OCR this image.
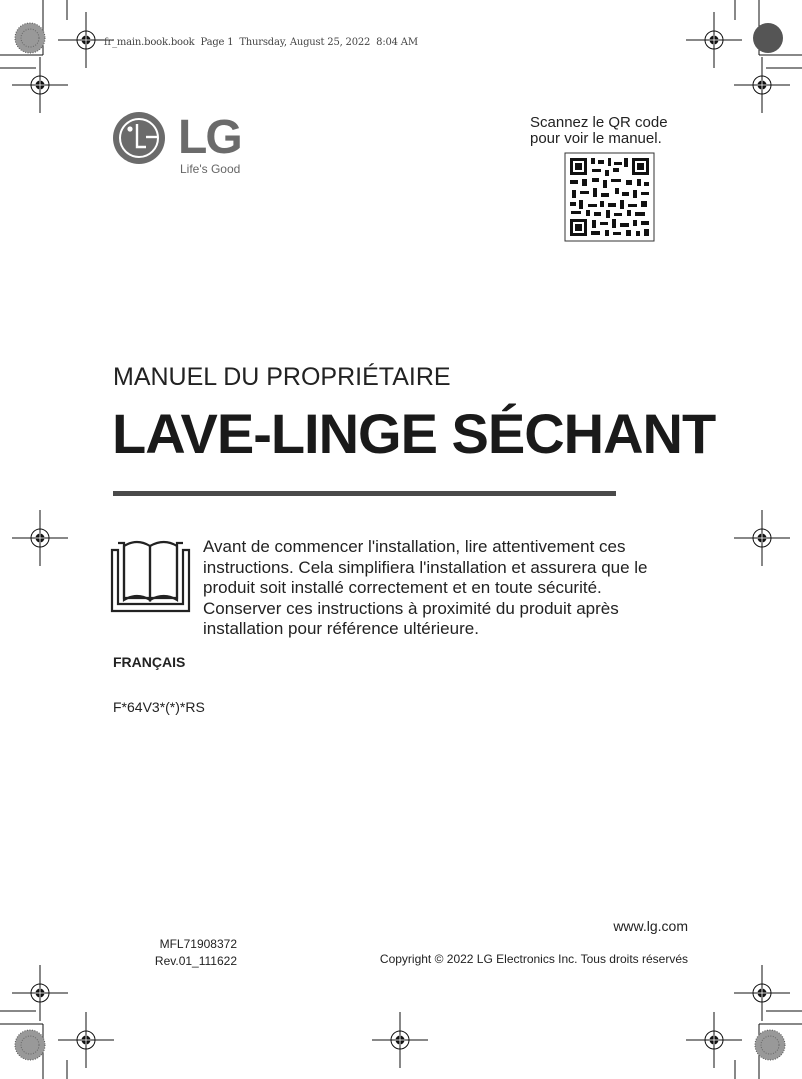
fr_main.book.book  Page 1  Thursday, August 25, 2022  8:04 AM
LG
Life's Good
Scannez le QR code
pour voir le manuel.
MANUEL DU PROPRIÉTAIRE
LAVE-LINGE SÉCHANT
Avant de commencer l'installation, lire attentivement ces instructions. Cela simplifiera l'installation et assurera que le produit soit installé correctement et en toute sécurité. Conserver ces instructions à proximité du produit après installation pour référence ultérieure.
FRANÇAIS
F*64V3*(*)*RS
www.lg.com
MFL71908372
Rev.01_111622	Copyright © 2022 LG Electronics Inc. Tous droits réservés
